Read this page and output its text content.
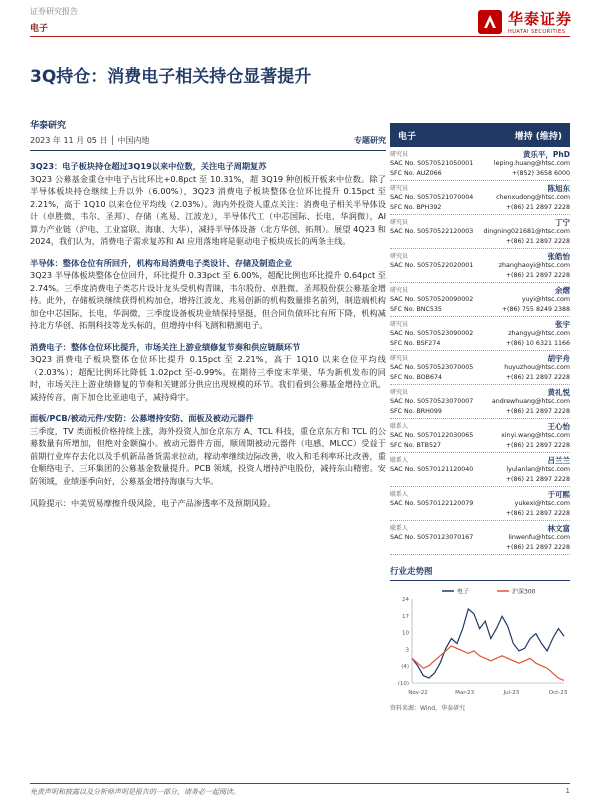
证券研究报告
电子
华泰证券
HUATAI SECURITIES
3Q持仓：消费电子相关持仓显著提升
华泰研究
2023 年 11 月 05 日 │ 中国内地	专题研究
3Q23：电子板块持仓超过3Q19以来中位数，关注电子周期复苏
3Q23 公募基金重仓中电子占比环比+0.8pct 至 10.31%，超 3Q19 种创板开板来中位数。除了半导体板块持仓继续上升以外（6.00%），3Q23 消费电子板块整体仓位环比提升 0.15pct 至 2.21%，高于 1Q10 以来仓位平均线（2.03%）。海内外投资人重点关注：消费电子相关半导体设计（卓胜微、韦尔、圣邦）、存储（兆易、江波龙），半导体代工（中芯国际、长电、华润微），AI 算力产业链（沪电、工业富联、海康、大华），减持半导体设备（北方华创、拓荆）。展望 4Q23 和 2024，我们认为，消费电子需求复苏和 AI 应用落地将是驱动电子板块成长的两条主线。
半导体：整体仓位有所回升，机构布局消费电子类设计、存储及制造企业
3Q23 半导体板块整体仓位回升，环比提升 0.33pct 至 6.00%，超配比例也环比提升 0.64pct 至 2.74%。三季度消费电子类芯片设计龙头受机构青睐，韦尔股份、卓胜微、圣邦股份获公募基金增持。此外，存储板块继续获得机构加仓，增持江波龙、兆易创新的机构数量排名前列，制造端机构加仓中芯国际，长电，华润微，三季度设备板块业绩保持坚挺，但合同负债环比有所下降，机构减持北方华创、拓荆科技等龙头标的，但增持中科飞测和精测电子。
消费电子：整体仓位环比提升，市场关注上游业绩修复节奏和供应链顺环节
3Q23 消费电子板块整体仓位环比提升 0.15pct 至 2.21%，高于 1Q10 以来仓位平均线（2.03%）；超配比例环比降低 1.02pct 至-0.99%。在期待三季度末苹果、华为新机发布的同时，市场关注上游业绩修复的节奏和关键部分供应出现规模的环节。我们看到公募基金增持立讯，减持传音，南下加仓比亚迪电子，减持舜宇。
面板/PCB/被动元件/安防：公募增持安防、面板及被动元器件
三季度，TV 类面板价格持续上涨，海外投资人加仓京东方 A、TCL 科技，重仓京东方和 TCL 的公募数量有所增加，但绝对金额偏小。被动元器件方面，顺周期被动元器件（电感、MLCC）受益于前期行业库存去化以及手机新品备货需求拉动，稼动率继续边际改善，收入和毛利率环比改善，重仓顺络电子、三环集团的公募基金数量提升。PCB 领域，投资人增持沪电股份，减持东山精密。安防领域，业绩逐季向好，公募基金增持海康与大华。
风险提示：中美贸易摩擦升级风险，电子产品渗透率不及预期风险。
电子	增持 (维持)
研究员	黄乐平，PhD
SAC No. S0570521050001	leping.huang@htsc.com
SFC No. AUZ066	+(852) 3658 6000
研究员	陈旭东
SAC No. S0570521070004	chenxudong@htsc.com
SFC No. BPH392	+(86) 21 2897 2228
研究员	丁宁
SAC No. S0570522120003 dingning021681@htsc.com
+(86) 21 2897 2228
研究员	张皓怡
SAC No. S0570522020001	zhanghaoyi@htsc.com
+(86) 21 2897 2228
研究员	余熠
SAC No. S0570520090002	yuyi@htsc.com
SFC No. BNC535	+(86) 755 8249 2388
研究员	张宇
SAC No. S0570523090002	zhangyu@htsc.com
SFC No. BSF274	+(86) 10 6321 1166
研究员	胡宇舟
SAC No. S0570523070005	huyuzhou@htsc.com
SFC No. BOB674	+(86) 21 2897 2228
研究员	黄礼悦
SAC No. S0570523070007	andrewhuang@htsc.com
SFC No. BRH099	+(86) 21 2897 2228
联系人	王心怡
SAC No. S0570122030065	xinyi.wang@htsc.com
SFC No. BTB527	+(86) 21 2897 2228
联系人	吕兰兰
SAC No. S0570121120040	lyulanlan@htsc.com
+(86) 21 2897 2228
联系人	于可熙
SAC No. S0570122120079	yukexi@htsc.com
+(86) 21 2897 2228
联系人	林文富
SAC No. S0570123070167	linwenfu@htsc.com
+(86) 21 2897 2228
行业走势图
电子	沪深300
24
17
10
3
(4)
(10)
Nov-22	Mar-23	Jul-23	Oct-23
资料来源：Wind，华泰研究
免责声明和披露以及分析师声明是报告的一部分，请务必一起阅读。	1
